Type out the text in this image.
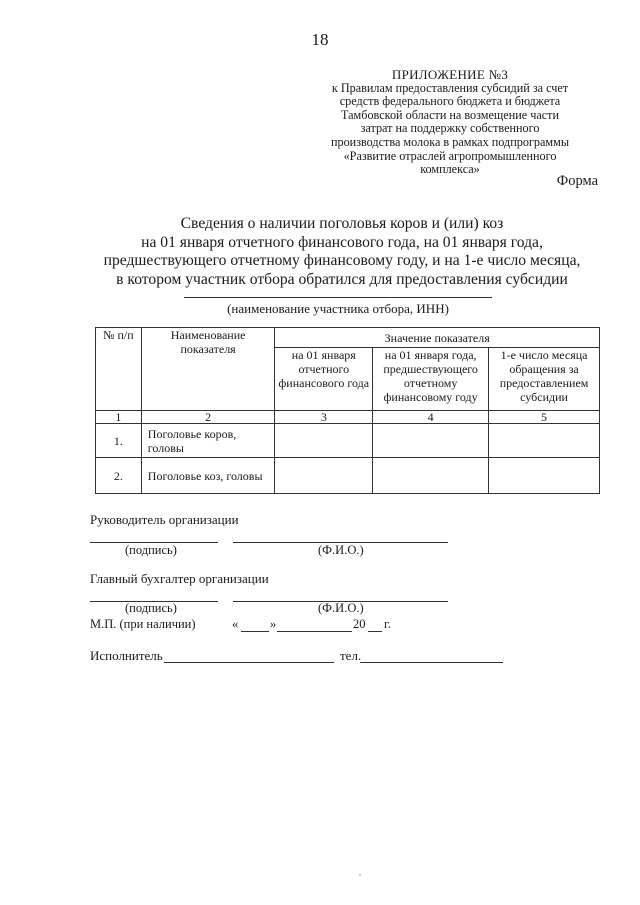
18
ПРИЛОЖЕНИЕ №3
к Правилам предоставления субсидий за счет
средств федерального бюджета и бюджета
Тамбовской области на возмещение части
затрат на поддержку собственного
производства молока в рамках подпрограммы
«Развитие отраслей агропромышленного
комплекса»
Форма
Сведения о наличии поголовья коров и (или) коз
на 01 января отчетного финансового года, на 01 января года,
предшествующего отчетному финансовому году, и на 1-е число месяца,
в котором участник отбора обратился для предоставления субсидии
(наименование участника отбора, ИНН)
№ п/п	Наименование показателя	Значение показателя		
		на 01 января отчетного финансового года	на 01 января года, предшествующего отчетному финансовому году	1-е число месяца обращения за предоставлением субсидии
1	2	3	4	5
1.	Поголовье коров, головы			
2.	Поголовье коз, головы			
Руководитель организации
(подпись)	(Ф.И.О.)
Главный бухгалтер организации
(подпись)	(Ф.И.О.)
М.П. (при наличии)	«	»	20 г.
Исполнитель	тел.
